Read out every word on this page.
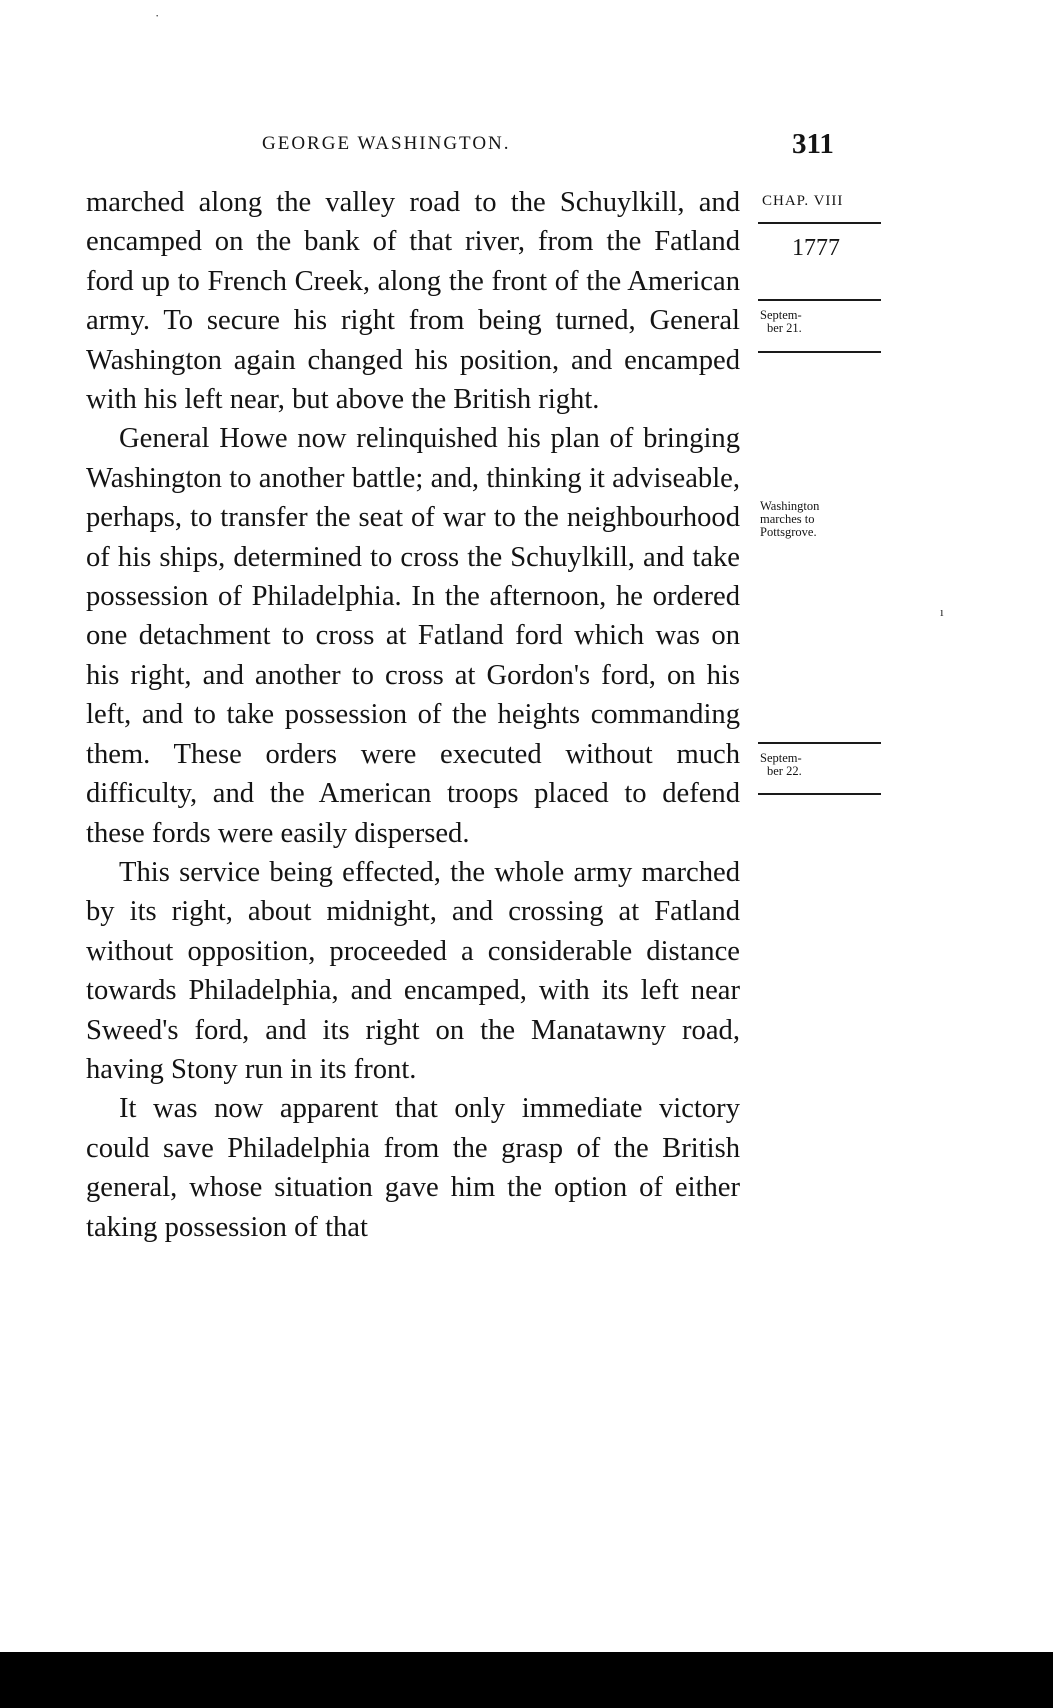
GEORGE WASHINGTON.	311

marched along the valley road to the Schuylkill, and encamped on the bank of that river, from the Fatland ford up to French Creek, along the front of the American army. To secure his right from being turned, General Washington again changed his position, and encamped with his left near, but above the British right.

General Howe now relinquished his plan of bringing Washington to another battle; and, thinking it adviseable, perhaps, to transfer the seat of war to the neighbourhood of his ships, determined to cross the Schuylkill, and take possession of Philadelphia. In the afternoon, he ordered one detachment to cross at Fatland ford which was on his right, and another to cross at Gordon's ford, on his left, and to take possession of the heights commanding them. These orders were executed without much difficulty, and the American troops placed to defend these fords were easily dispersed.

This service being effected, the whole army marched by its right, about midnight, and crossing at Fatland without opposition, proceeded a considerable distance towards Philadelphia, and encamped, with its left near Sweed's ford, and its right on the Manatawny road, having Stony run in its front.

It was now apparent that only immediate victory could save Philadelphia from the grasp of the British general, whose situation gave him the option of either taking possession of that

CHAP. VIII
1777
Septem-
ber 21.
Washington
marches to
Pottsgrove.
Septem-
ber 22.
ı
·
